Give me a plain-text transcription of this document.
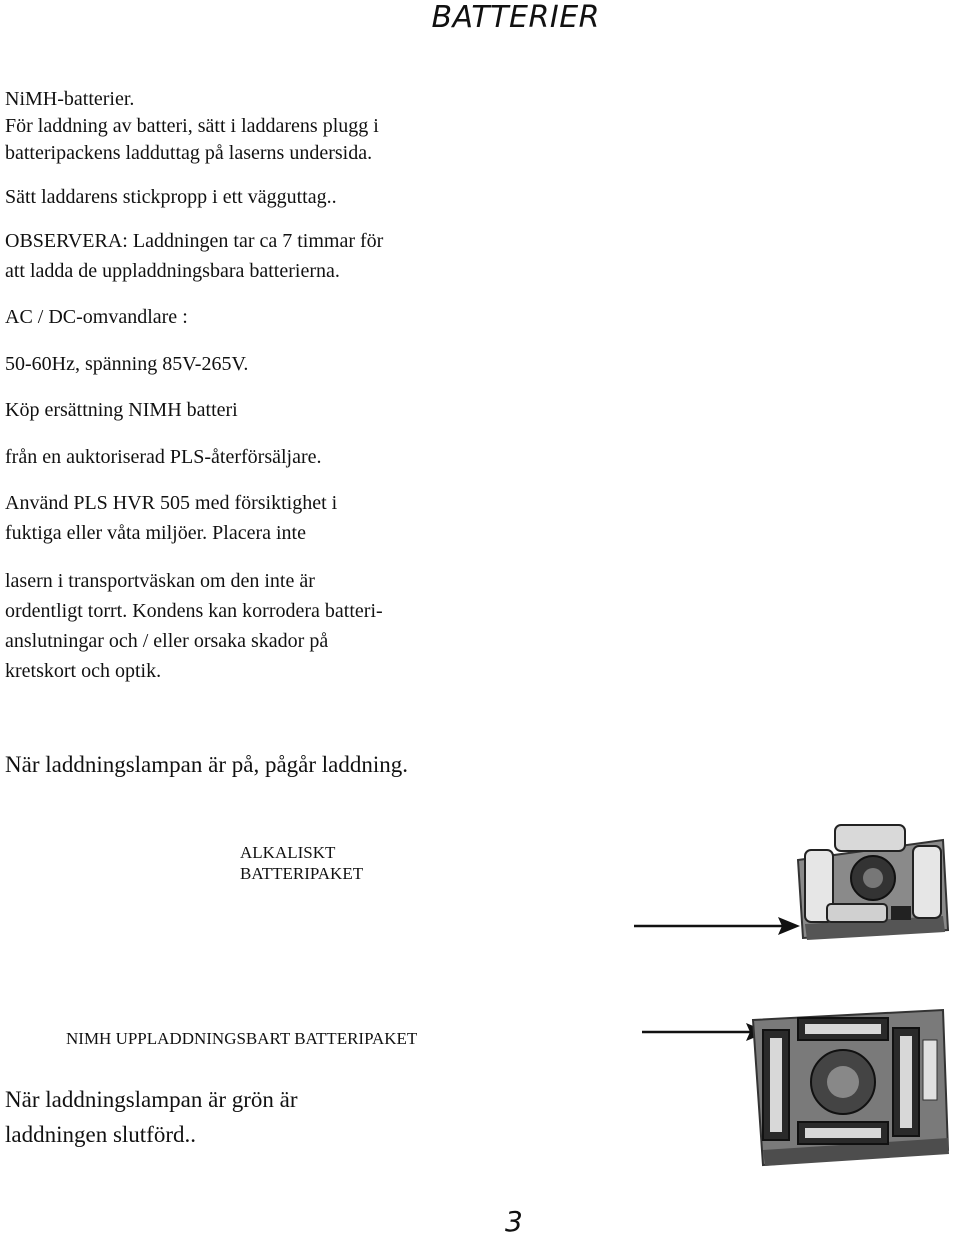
BATTERIER
NiMH-batterier.
För laddning av batteri, sätt i laddarens plugg i
batteripackens ladduttag på laserns undersida.
Sätt laddarens stickpropp i ett vägguttag..
OBSERVERA: Laddningen tar ca 7 timmar för
att ladda de uppladdningsbara batterierna.
AC / DC-omvandlare :
50-60Hz, spänning 85V-265V.
Köp ersättning NIMH batteri
från en auktoriserad PLS-återförsäljare.
Använd PLS HVR 505 med försiktighet i
fuktiga eller våta miljöer. Placera inte
lasern i transportväskan om den inte är
ordentligt torrt. Kondens kan korrodera batteri-
anslutningar och / eller orsaka skador på
kretskort och optik.
När laddningslampan är på, pågår laddning.
ALKALISKT
BATTERIPAKET
NIMH UPPLADDNINGSBART BATTERIPAKET
När laddningslampan är grön är
laddningen slutförd..
3
